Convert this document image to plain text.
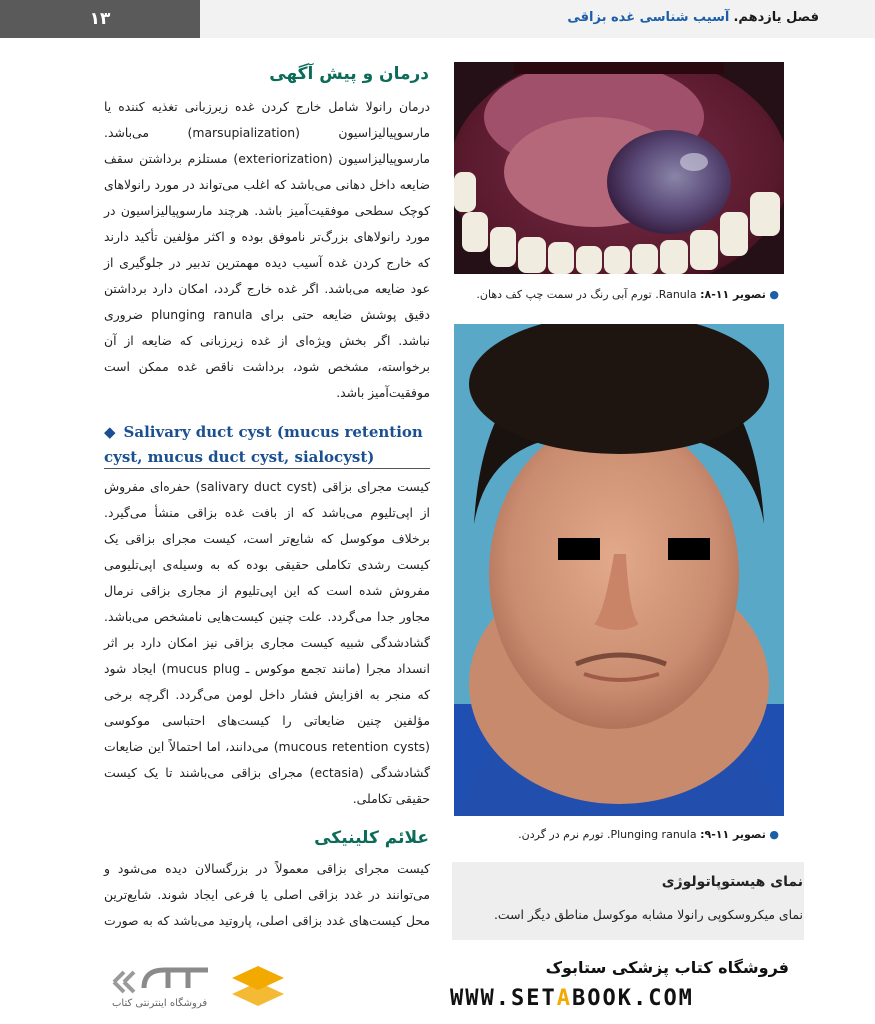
۱۳	فصل یازدهم. آسیب شناسی غده بزاقی
درمان و پیش آگهی
درمان رانولا شامل خارج کردن غده زیرزبانی تغذیه کننده یا مارسوپیالیزاسیون (marsupialization) می‌باشد. مارسوپیالیزاسیون (exteriorization) مستلزم برداشتن سقف ضایعه داخل دهانی می‌باشد که اغلب می‌تواند در مورد رانولاهای کوچک سطحی موفقیت‌آمیز باشد. هرچند مارسوپیالیزاسیون در مورد رانولاهای بزرگ‌تر ناموفق بوده و اکثر مؤلفین تأکید دارند که خارج کردن غده آسیب دیده مهمترین تدبیر در جلوگیری از عود ضایعه می‌باشد. اگر غده خارج گردد، امکان دارد برداشتن دقیق پوشش ضایعه حتی برای plunging ranula ضروری نباشد. اگر بخش ویژه‌ای از غده زیرزبانی که ضایعه از آن برخواسته، مشخص شود، برداشت ناقص غده ممکن است موفقیت‌آمیز باشد.
◆ Salivary duct cyst (mucus retention cyst, mucus duct cyst, sialocyst)
کیست مجرای بزاقی (salivary duct cyst) حفره‌ای مفروش از اپی‌تلیوم می‌باشد که از بافت غده بزاقی منشأ می‌گیرد. برخلاف موکوسل که شایع‌تر است، کیست مجرای بزاقی یک کیست رشدی تکاملی حقیقی بوده که به وسیله‌ی اپی‌تلیومی مفروش شده است که این اپی‌تلیوم از مجاری بزاقی نرمال مجاور جدا می‌گردد. علت چنین کیست‌هایی نامشخص می‌باشد. گشادشدگی شبیه کیست مجاری بزاقی نیز امکان دارد بر اثر انسداد مجرا (مانند تجمع موکوس ـ mucus plug) ایجاد شود که منجر به افزایش فشار داخل لومن می‌گردد. اگرچه برخی مؤلفین چنین ضایعاتی را کیست‌های احتباسی موکوسی (mucous retention cysts) می‌دانند، اما احتمالاً این ضایعات گشادشدگی (ectasia) مجرای بزاقی می‌باشند تا یک کیست حقیقی تکاملی.
علائم کلینیکی
کیست مجرای بزاقی معمولاً در بزرگسالان دیده می‌شود و می‌توانند در غدد بزاقی اصلی یا فرعی ایجاد شوند. شایع‌ترین محل کیست‌های غدد بزاقی اصلی، پاروتید می‌باشد که به صورت
● تصویر ۱۱-۸: Ranula. تورم آبی رنگ در سمت چپ کف دهان.
● تصویر ۱۱-۹: Plunging ranula. تورم نرم در گردن.
نمای هیستوپاتولوژی
نمای میکروسکوپی رانولا مشابه موکوسل مناطق دیگر است.
فروشگاه اینترنتی کتاب
فروشگاه کتاب پزشکی ستابوک
WWW.SETABOOK.COM
